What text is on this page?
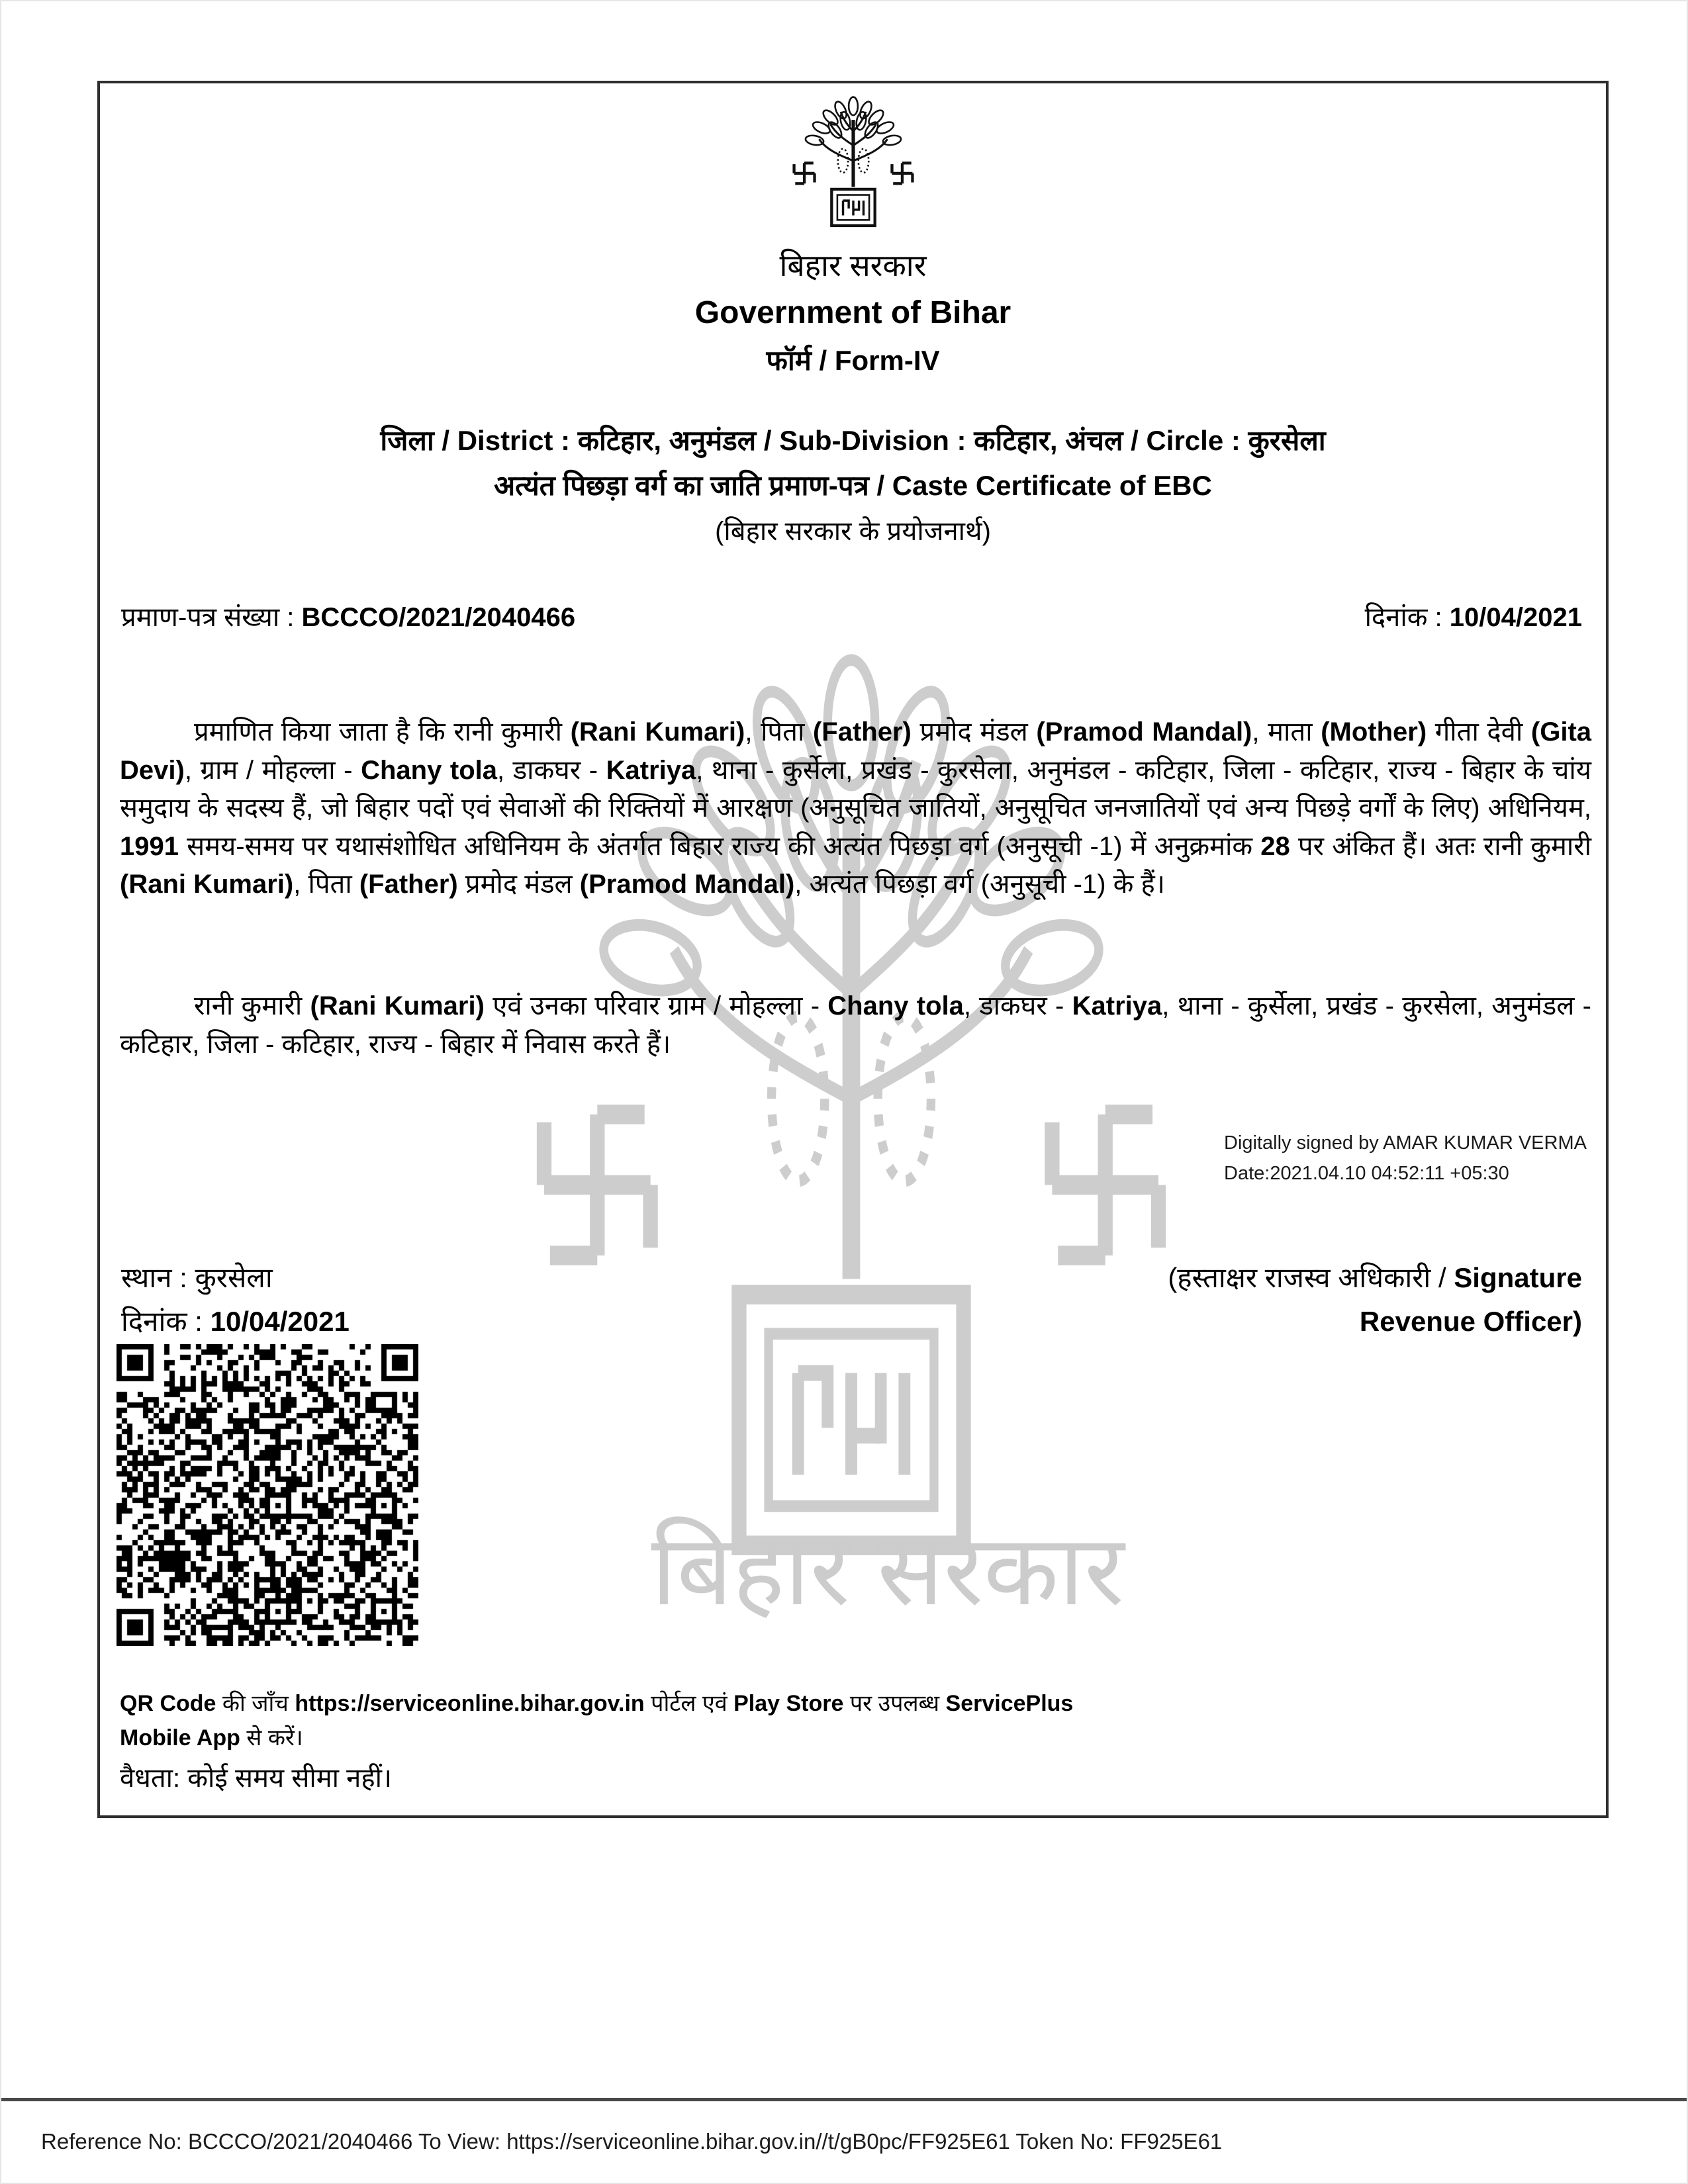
बिहार सरकार
बिहार सरकार
Government of Bihar
फॉर्म / Form-IV
जिला / District : कटिहार, अनुमंडल / Sub-Division : कटिहार, अंचल / Circle : कुरसेला
अत्यंत पिछड़ा वर्ग का जाति प्रमाण-पत्र / Caste Certificate of EBC
(बिहार सरकार के प्रयोजनार्थ)
प्रमाण-पत्र संख्या : BCCCO/2021/2040466	दिनांक : 10/04/2021
प्रमाणित किया जाता है कि रानी कुमारी (Rani Kumari), पिता (Father) प्रमोद मंडल (Pramod Mandal), माता (Mother) गीता देवी (Gita Devi), ग्राम / मोहल्ला - Chany tola, डाकघर - Katriya, थाना - कुर्सेला, प्रखंड - कुरसेला, अनुमंडल - कटिहार, जिला - कटिहार, राज्य - बिहार के चांय समुदाय के सदस्य हैं, जो बिहार पदों एवं सेवाओं की रिक्तियों में आरक्षण (अनुसूचित जातियों, अनुसूचित जनजातियों एवं अन्य पिछड़े वर्गों के लिए) अधिनियम, 1991 समय-समय पर यथासंशोधित अधिनियम के अंतर्गत बिहार राज्य की अत्यंत पिछड़ा वर्ग (अनुसूची -1) में अनुक्रमांक 28 पर अंकित हैं। अतः रानी कुमारी (Rani Kumari), पिता (Father) प्रमोद मंडल (Pramod Mandal), अत्यंत पिछड़ा वर्ग (अनुसूची -1) के हैं।
रानी कुमारी (Rani Kumari) एवं उनका परिवार ग्राम / मोहल्ला - Chany tola, डाकघर - Katriya, थाना - कुर्सेला, प्रखंड - कुरसेला, अनुमंडल - कटिहार, जिला - कटिहार, राज्य - बिहार में निवास करते हैं।
Digitally signed by AMAR KUMAR VERMA
Date:2021.04.10 04:52:11 +05:30
स्थान : कुरसेला
दिनांक : 10/04/2021
(हस्ताक्षर राजस्व अधिकारी / Signature
Revenue Officer)
QR Code की जाँच https://serviceonline.bihar.gov.in पोर्टल एवं Play Store पर उपलब्ध ServicePlus
Mobile App से करें।
वैधता: कोई समय सीमा नहीं।
Reference No: BCCCO/2021/2040466 To View: https://serviceonline.bihar.gov.in//t/gB0pc/FF925E61 Token No: FF925E61
